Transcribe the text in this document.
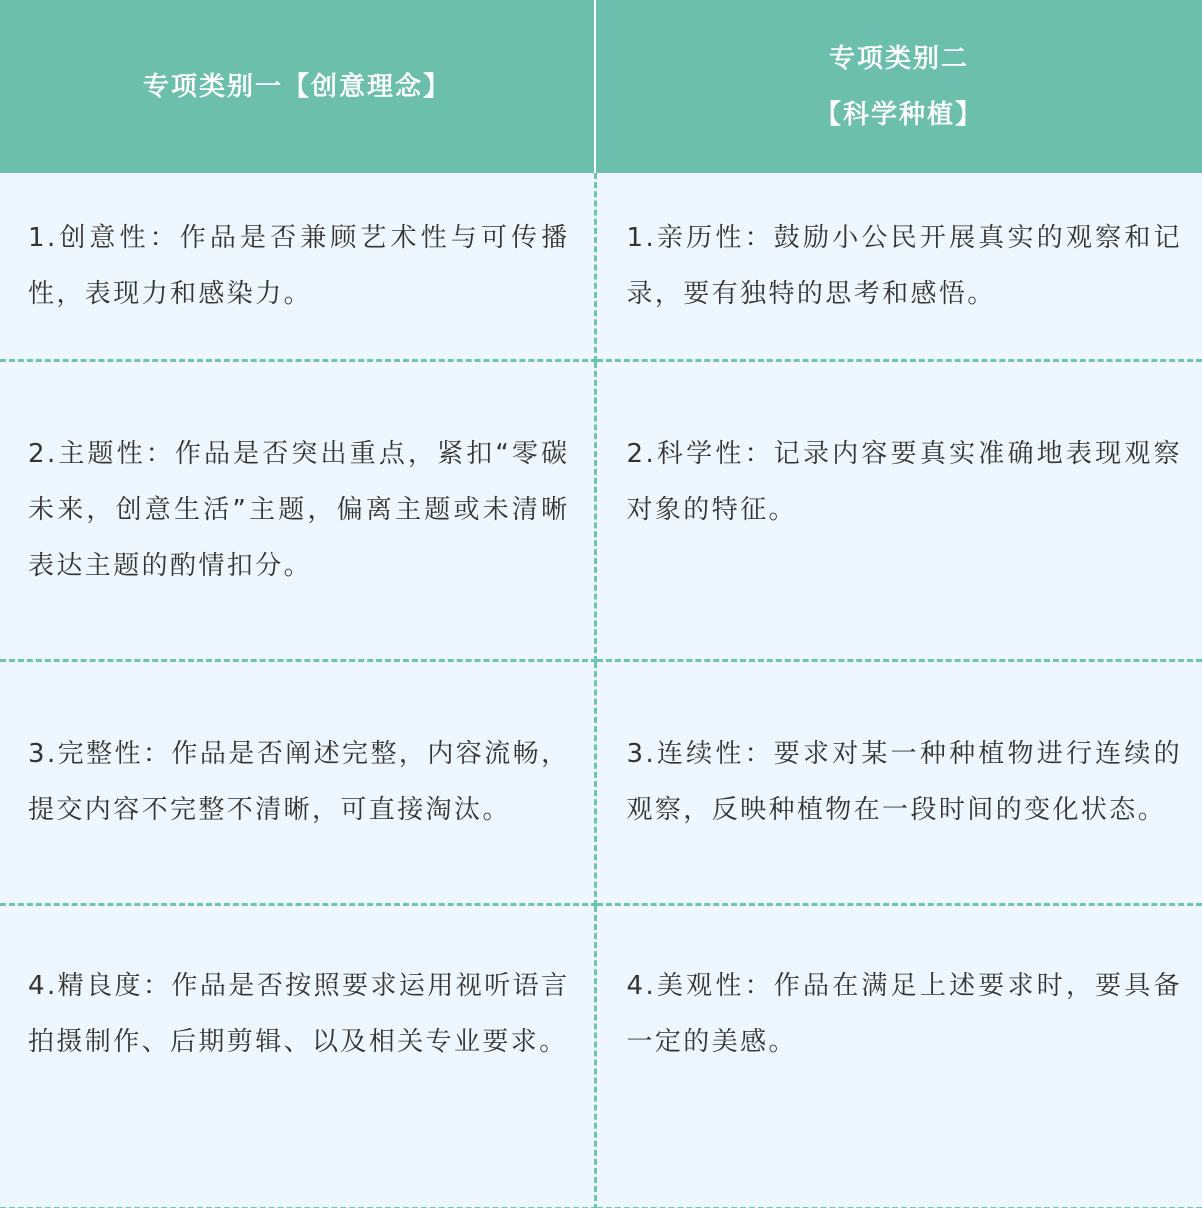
专项类别一【创意理念】	专项类别二
【科学种植】

1.创意性：作品是否兼顾艺术性与可传播性，表现力和感染力。	1.亲历性：鼓励小公民开展真实的观察和记录，要有独特的思考和感悟。
2.主题性：作品是否突出重点，紧扣“零碳未来，创意生活”主题，偏离主题或未清晰表达主题的酌情扣分。	2.科学性：记录内容要真实准确地表现观察对象的特征。

3.完整性：作品是否阐述完整，内容流畅，提交内容不完整不清晰，可直接淘汰。	3.连续性：要求对某一种种植物进行连续的观察，反映种植物在一段时间的变化状态。

4.精良度：作品是否按照要求运用视听语言拍摄制作、后期剪辑、以及相关专业要求。	4.美观性：作品在满足上述要求时，要具备一定的美感。
